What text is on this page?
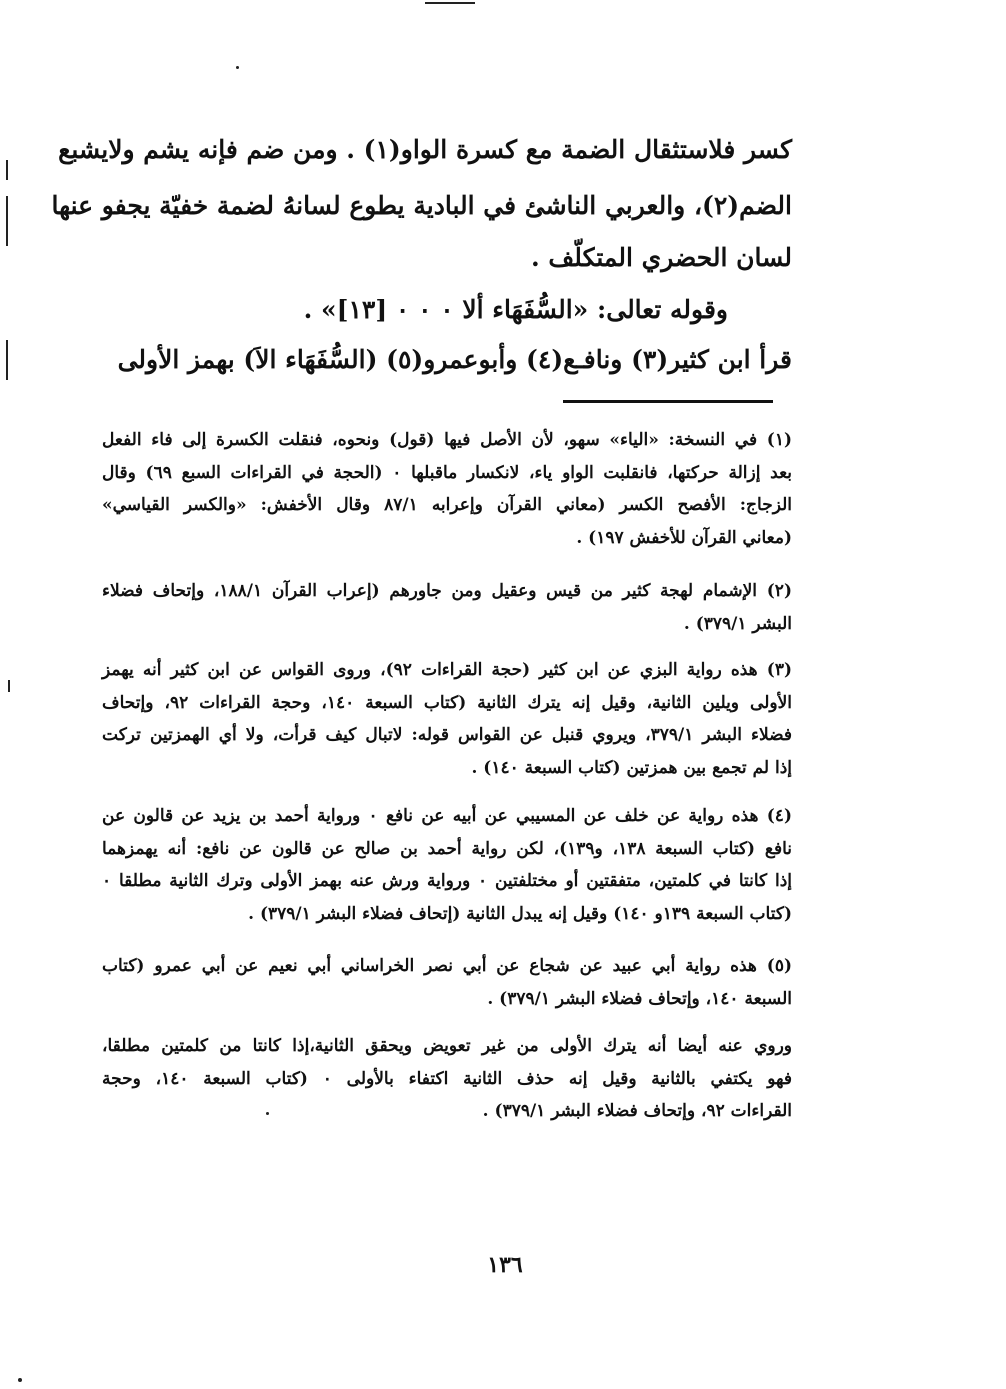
كسر فلاستثقال الضمة مع كسرة الواو(١) . ومن ضم فإنه يشم ولايشبع

الضم(٢)، والعربي الناشئ في البادية يطوع لسانهُ لضمة خفيّة يجفو عنها

لسان الحضري المتكلّف .

وقوله تعالى: «السُّفَهَاء ألا ٠ ٠ ٠ [١٣]» .

قرأ ابن كثير(٣) ونافـع(٤) وأبوعمرو(٥) (السُّفَهَاء الاَ) بهمز الأولى

(١) في النسخة: «الياء» سهو، لأن الأصل فيها (قول) ونحوه، فنقلت الكسرة إلى فاء الفعل
بعد إزالة حركتها، فانقلبت الواو ياء، لانكسار ماقبلها ٠ (الحجة في القراءات السبع ٦٩) وقال
الزجاج: الأفصح الكسر (معاني القرآن وإعرابه ٨٧/١ وقال الأخفش: «والكسر القياسي»
(معاني القرآن للأخفش ١٩٧) .
(٢) الإشمام لهجة كثير من قيس وعقيل ومن جاورهم (إعراب القرآن ١٨٨/١، وإتحاف فضلاء
البشر ٣٧٩/١) .
(٣) هذه رواية البزي عن ابن كثير (حجة القراءات ٩٢)، وروى القواس عن ابن كثير أنه يهمز
الأولى ويلين الثانية، وقيل إنه يترك الثانية (كتاب السبعة ١٤٠، وحجة القراءات ٩٢، وإتحاف
فضلاء البشر ٣٧٩/١، ويروي قنبل عن القواس قوله: لاتبال كيف قرأت، ولا أي الهمزتين تركت
إذا لم تجمع بين همزتين (كتاب السبعة ١٤٠) .
(٤) هذه رواية عن خلف عن المسيبي عن أبيه عن نافع ٠ ورواية أحمد بن يزيد عن قالون عن
نافع (كتاب السبعة ١٣٨، و١٣٩)، لكن رواية أحمد بن صالح عن قالون عن نافع: أنه يهمزهما
إذا كانتا في كلمتين، متفقتين أو مختلفتين ٠ ورواية ورش عنه بهمز الأولى وترك الثانية مطلقا ٠
(كتاب السبعة ١٣٩و ١٤٠) وقيل إنه يبدل الثانية (إتحاف فضلاء البشر ٣٧٩/١) .
(٥) هذه رواية أبي عبيد عن شجاع عن أبي نصر الخراساني أبي نعيم عن أبي عمرو (كتاب
السبعة ١٤٠، وإتحاف فضلاء البشر ٣٧٩/١) .
وروي عنه أيضا أنه يترك الأولى من غير تعويض ويحقق الثانية،إذا كانتا من كلمتين مطلقا،
فهو يكتفي بالثانية وقيل إنه حذف الثانية اكتفاء بالأولى ٠ (كتاب السبعة ١٤٠، وحجة
القراءات ٩٢، وإتحاف فضلاء البشر ٣٧٩/١) .
١٣٦
